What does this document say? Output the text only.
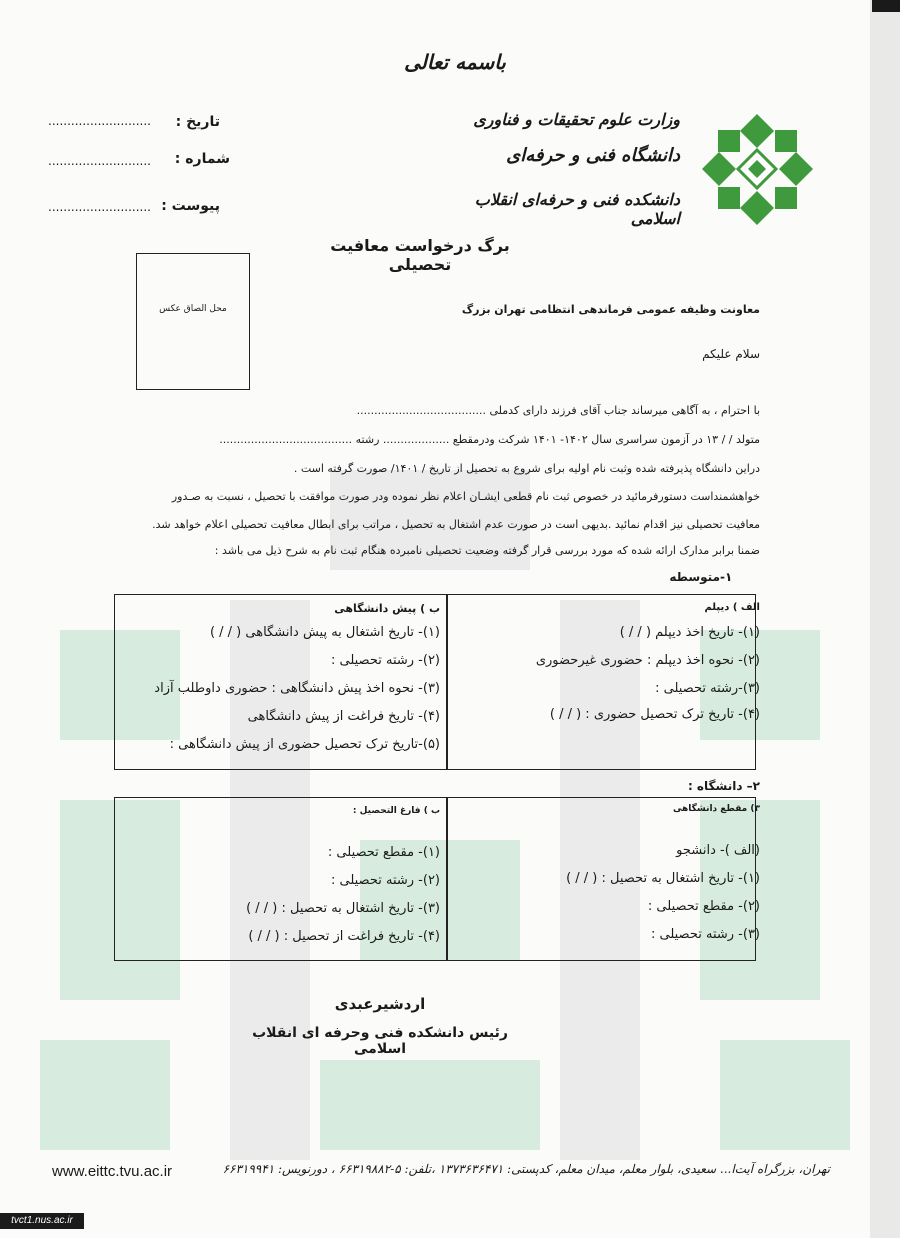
باسمه تعالی
وزارت علوم تحقیقات و فناوری
دانشگاه فنی و حرفه‌ای
دانشکده فنی و حرفه‌ای انقلاب اسلامی
تاریخ :
...........................
شماره :
...........................
پیوست :
...........................
برگ درخواست معافیت تحصیلی
محل الصاق عکس	معاونت وظیفه عمومی فرماندهی انتظامی تهران بزرگ
سلام علیکم
با احترام ، به آگاهی میرساند جناب آقای فرزند دارای کدملی .....................................
متولد / / ۱۳ در آزمون سراسری سال ۱۴۰۲- ۱۴۰۱ شرکت ودرمقطع ................... رشته ......................................
دراین دانشگاه پذیرفته شده وثبت نام اولیه برای شروع به تحصیل از تاریخ / ۱۴۰۱/ صورت گرفته است .
خواهشمنداست دستورفرمائید در خصوص ثبت نام قطعی ایشـان اعلام نظر نموده ودر صورت موافقت با تحصیل ، نسبت به صـدور
معافیت تحصیلی نیز اقدام نمائید .بدیهی است در صورت عدم اشتغال به تحصیل ، مراتب برای ابطال معافیت تحصیلی اعلام خواهد شد.
ضمنا برابر مدارک ارائه شده که مورد بررسی قرار گرفته وضعیت تحصیلی نامبرده هنگام ثبت نام به شرح ذیل می باشد :
متوسطه -۱
الف ) دیپلم
(۱)- تاریخ اخذ دیپلم ( / / )
(۲)- نحوه اخذ دیپلم : حضوری غیرحضوری
(۳)-رشته تحصیلی :
(۴)- تاریخ ترک تحصیل حضوری : ( / / )
ب ) پیش دانشگاهی
(۱)- تاریخ اشتغال به پیش دانشگاهی ( / / )
(۲)- رشته تحصیلی :
(۳)- نحوه اخذ پیش دانشگاهی : حضوری داوطلب آزاد
(۴)- تاریخ فراغت از پیش دانشگاهی
(۵)-تاریخ ترک تحصیل حضوری از پیش دانشگاهی :
۲– دانشگاه :
۳) مقطع دانشگاهی
(الف )- دانشجو
(۱)- تاریخ اشتغال به تحصیل : ( / / )
(۲)- مقطع تحصیلی :
(۳)- رشته تحصیلی :
ب ) فارغ التحصیل :
(۱)- مقطع تحصیلی :
(۲)- رشته تحصیلی :
(۳)- تاریخ اشتغال به تحصیل : ( / / )
(۴)- تاریخ فراغت از تحصیل : ( / / )
اردشیرعبدی
رئیس دانشکده فنی وحرفه ای انقلاب اسلامی
تهران، بزرگراه آیت‌ا... سعیدی، بلوار معلم، میدان معلم، کدپستی: ۱۳۷۳۶۳۶۴۷۱ ،تلفن: ۵-۶۶۳۱۹۸۸۲ ، دورنویس: ۶۶۳۱۹۹۴۱
www.eittc.tvu.ac.ir
tvct1.nus.ac.ir
